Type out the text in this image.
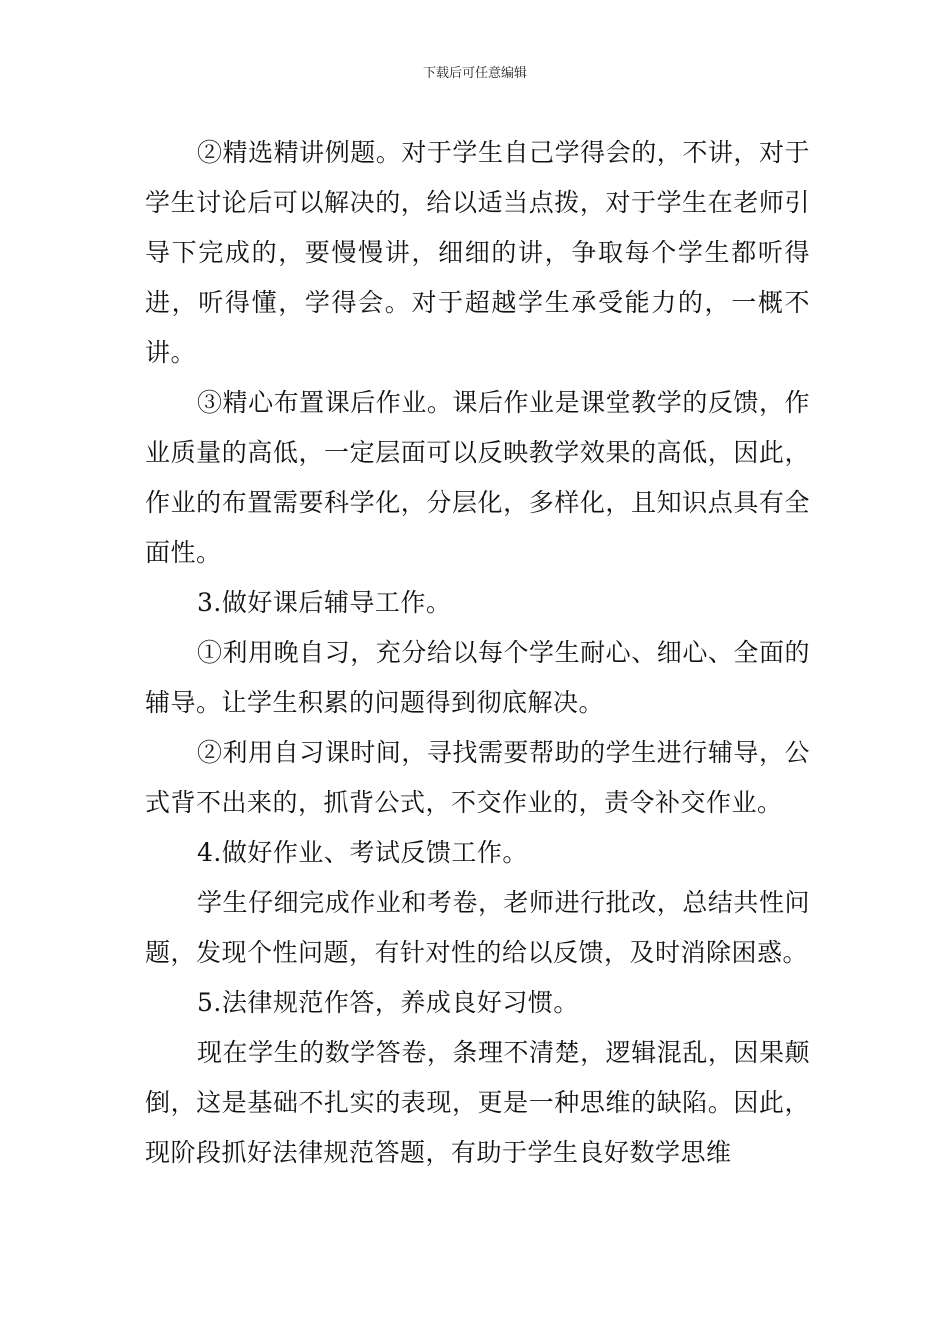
下载后可任意编辑

②精选精讲例题。对于学生自己学得会的，不讲，对于学生讨论后可以解决的，给以适当点拨，对于学生在老师引导下完成的，要慢慢讲，细细的讲，争取每个学生都听得进，听得懂，学得会。对于超越学生承受能力的，一概不讲。

③精心布置课后作业。课后作业是课堂教学的反馈，作业质量的高低，一定层面可以反映教学效果的高低，因此，作业的布置需要科学化，分层化，多样化，且知识点具有全面性。

3.做好课后辅导工作。

①利用晚自习，充分给以每个学生耐心、细心、全面的辅导。让学生积累的问题得到彻底解决。

②利用自习课时间，寻找需要帮助的学生进行辅导，公式背不出来的，抓背公式，不交作业的，责令补交作业。

4.做好作业、考试反馈工作。

学生仔细完成作业和考卷，老师进行批改，总结共性问题，发现个性问题，有针对性的给以反馈，及时消除困惑。

5.法律规范作答，养成良好习惯。

现在学生的数学答卷，条理不清楚，逻辑混乱，因果颠倒，这是基础不扎实的表现，更是一种思维的缺陷。因此，现阶段抓好法律规范答题，有助于学生良好数学思维
